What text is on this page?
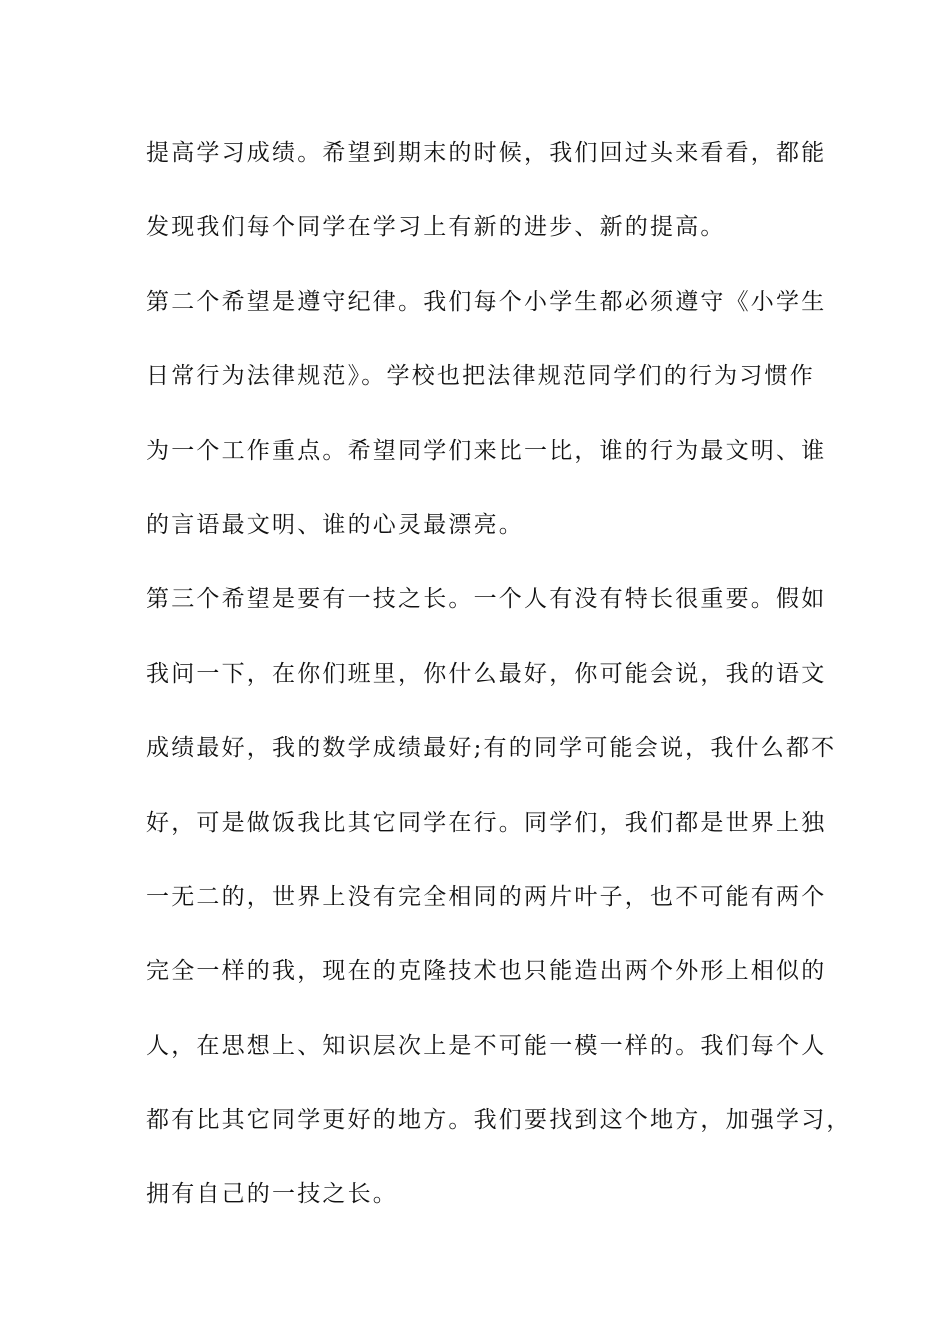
提高学习成绩。希望到期末的时候，我们回过头来看看，都能
发现我们每个同学在学习上有新的进步、新的提高。
第二个希望是遵守纪律。我们每个小学生都必须遵守《小学生
日常行为法律规范》。学校也把法律规范同学们的行为习惯作
为一个工作重点。希望同学们来比一比，谁的行为最文明、谁
的言语最文明、谁的心灵最漂亮。
第三个希望是要有一技之长。一个人有没有特长很重要。假如
我问一下，在你们班里，你什么最好，你可能会说，我的语文
成绩最好，我的数学成绩最好;有的同学可能会说，我什么都不
好，可是做饭我比其它同学在行。同学们，我们都是世界上独
一无二的，世界上没有完全相同的两片叶子，也不可能有两个
完全一样的我，现在的克隆技术也只能造出两个外形上相似的
人，在思想上、知识层次上是不可能一模一样的。我们每个人
都有比其它同学更好的地方。我们要找到这个地方，加强学习，
拥有自己的一技之长。
